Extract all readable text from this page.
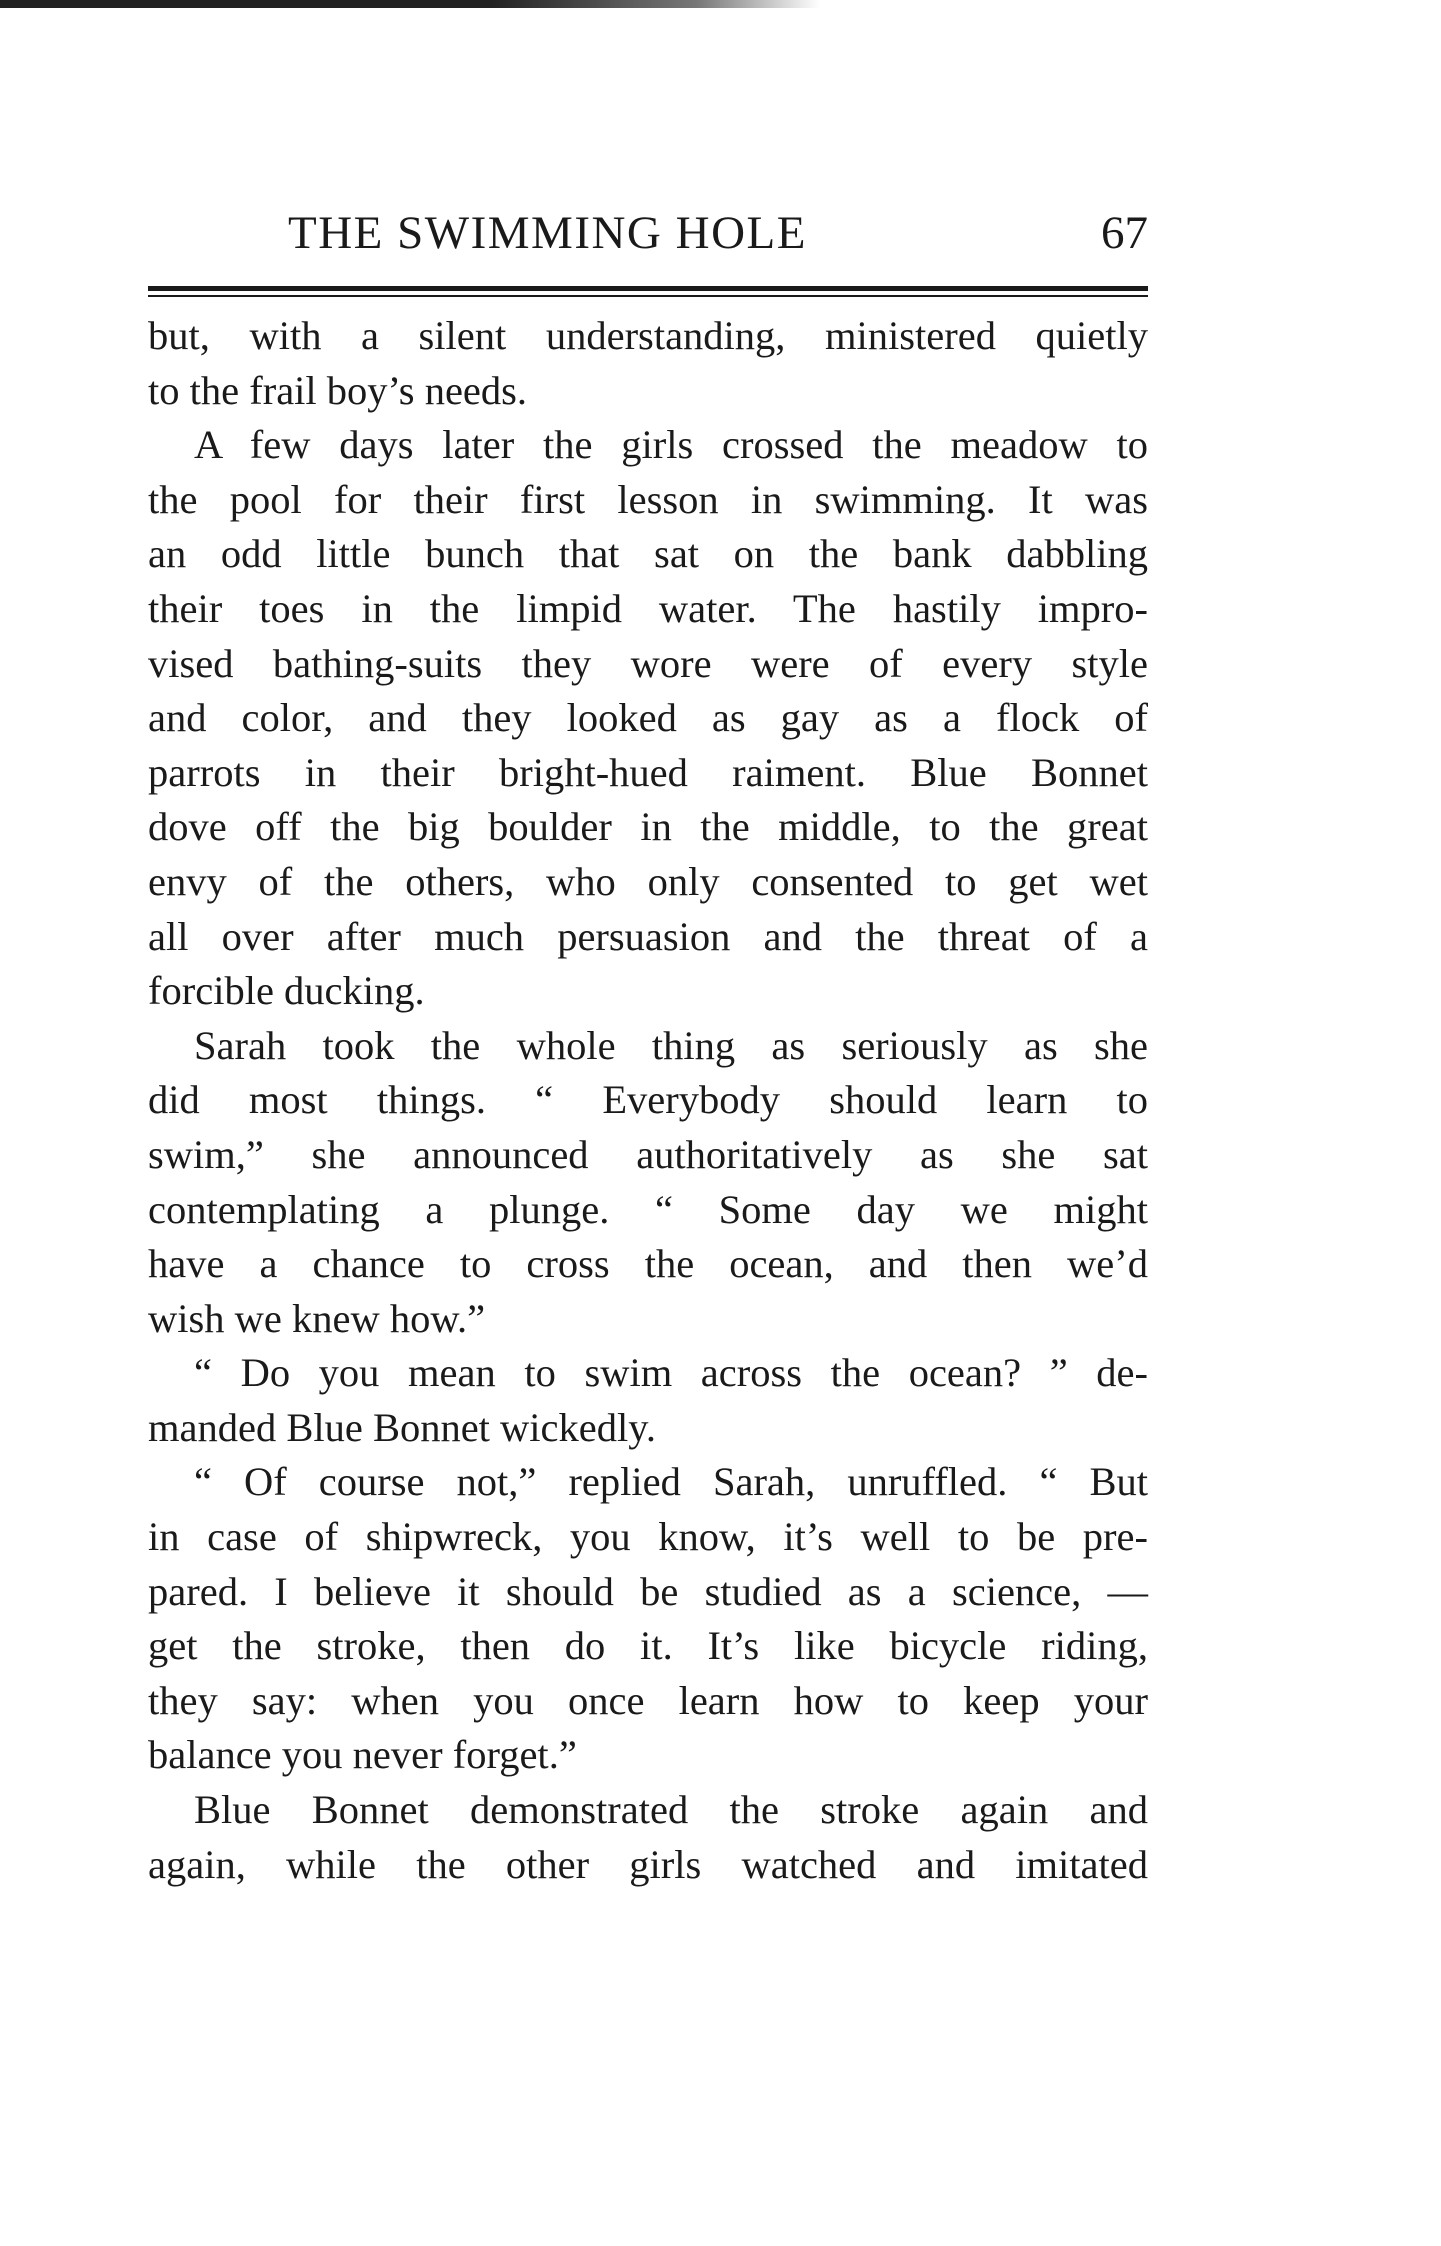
THE SWIMMING HOLE	67
but, with a silent understanding, ministered quietly
to the frail boy’s needs.
A few days later the girls crossed the meadow to
the pool for their first lesson in swimming. It was
an odd little bunch that sat on the bank dabbling
their toes in the limpid water. The hastily impro-
vised bathing-suits they wore were of every style
and color, and they looked as gay as a flock of
parrots in their bright-hued raiment. Blue Bonnet
dove off the big boulder in the middle, to the great
envy of the others, who only consented to get wet
all over after much persuasion and the threat of a
forcible ducking.
Sarah took the whole thing as seriously as she
did most things. “ Everybody should learn to
swim,” she announced authoritatively as she sat
contemplating a plunge. “ Some day we might
have a chance to cross the ocean, and then we’d
wish we knew how.”
“ Do you mean to swim across the ocean? ” de-
manded Blue Bonnet wickedly.
“ Of course not,” replied Sarah, unruffled. “ But
in case of shipwreck, you know, it’s well to be pre-
pared. I believe it should be studied as a science, —
get the stroke, then do it. It’s like bicycle riding,
they say: when you once learn how to keep your
balance you never forget.”
Blue Bonnet demonstrated the stroke again and
again, while the other girls watched and imitated
